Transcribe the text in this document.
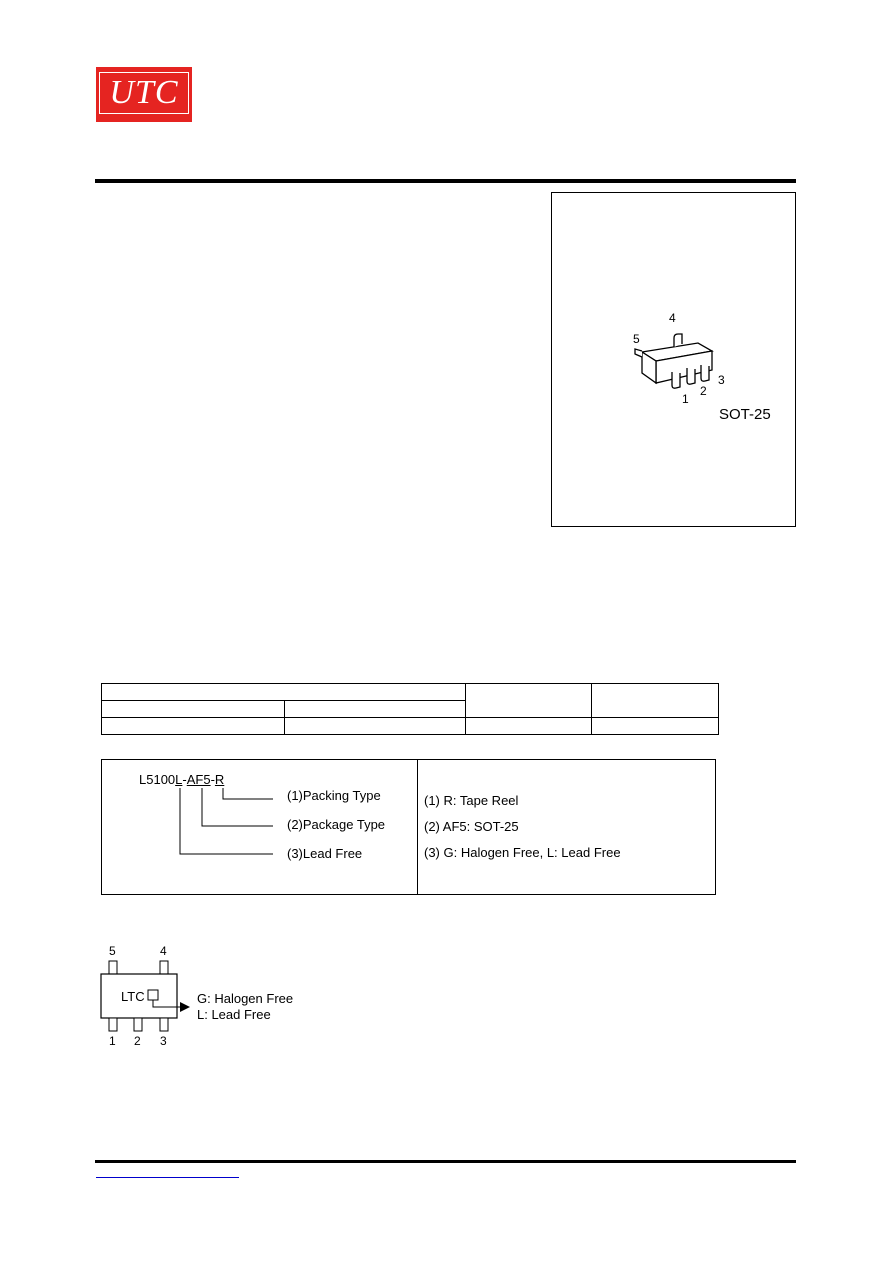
UTC
4
5
1
2
3
SOT-25

L5100L-AF5-R
(1)Packing Type
(2)Package Type
(3)Lead Free
(1) R: Tape Reel
(2) AF5: SOT-25
(3) G: Halogen Free, L: Lead Free
LTC
5	4
1 2 3
G: Halogen Free
L: Lead Free
